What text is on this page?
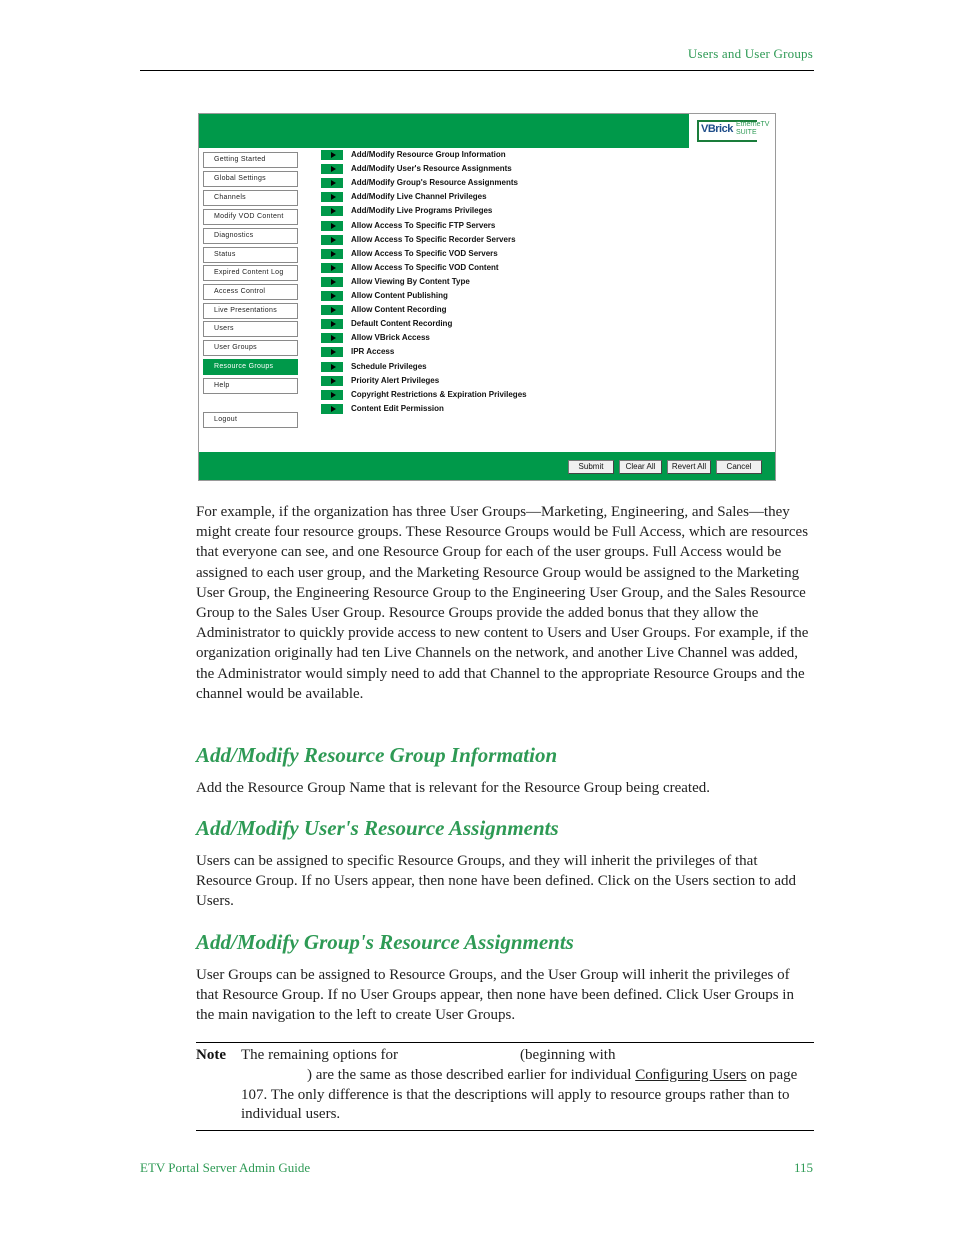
Users and User Groups
VBrick EtherneTV SUITE
Getting Started
Global Settings
Channels
Modify VOD Content
Diagnostics
Status
Expired Content Log
Access Control
Live Presentations
Users
User Groups
Resource Groups
Help
Logout
Add/Modify Resource Group Information
Add/Modify User's Resource Assignments
Add/Modify Group's Resource Assignments
Add/Modify Live Channel Privileges
Add/Modify Live Programs Privileges
Allow Access To Specific FTP Servers
Allow Access To Specific Recorder Servers
Allow Access To Specific VOD Servers
Allow Access To Specific VOD Content
Allow Viewing By Content Type
Allow Content Publishing
Allow Content Recording
Default Content Recording
Allow VBrick Access
IPR Access
Schedule Privileges
Priority Alert Privileges
Copyright Restrictions & Expiration Privileges
Content Edit Permission
Submit	Clear All	Revert All	Cancel
For example, if the organization has three User Groups—Marketing, Engineering, and Sales—they might create four resource groups. These Resource Groups would be Full Access, which are resources that everyone can see, and one Resource Group for each of the user groups. Full Access would be assigned to each user group, and the Marketing Resource Group would be assigned to the Marketing User Group, the Engineering Resource Group to the Engineering User Group, and the Sales Resource Group to the Sales User Group. Resource Groups provide the added bonus that they allow the Administrator to quickly provide access to new content to Users and User Groups. For example, if the organization originally had ten Live Channels on the network, and another Live Channel was added, the Administrator would simply need to add that Channel to the appropriate Resource Groups and the channel would be available.
Add/Modify Resource Group Information
Add the Resource Group Name that is relevant for the Resource Group being created.
Add/Modify User's Resource Assignments
Users can be assigned to specific Resource Groups, and they will inherit the privileges of that Resource Group. If no Users appear, then none have been defined. Click on the Users section to add Users.
Add/Modify Group's Resource Assignments
User Groups can be assigned to Resource Groups, and the User Group will inherit the privileges of that Resource Group. If no User Groups appear, then none have been defined. Click User Groups in the main navigation to the left to create User Groups.
Note The remaining options for	(beginning with
) are the same as those described earlier for individual Configuring Users on page 107. The only difference is that the descriptions will apply to resource groups rather than to individual users.
ETV Portal Server Admin Guide	115
